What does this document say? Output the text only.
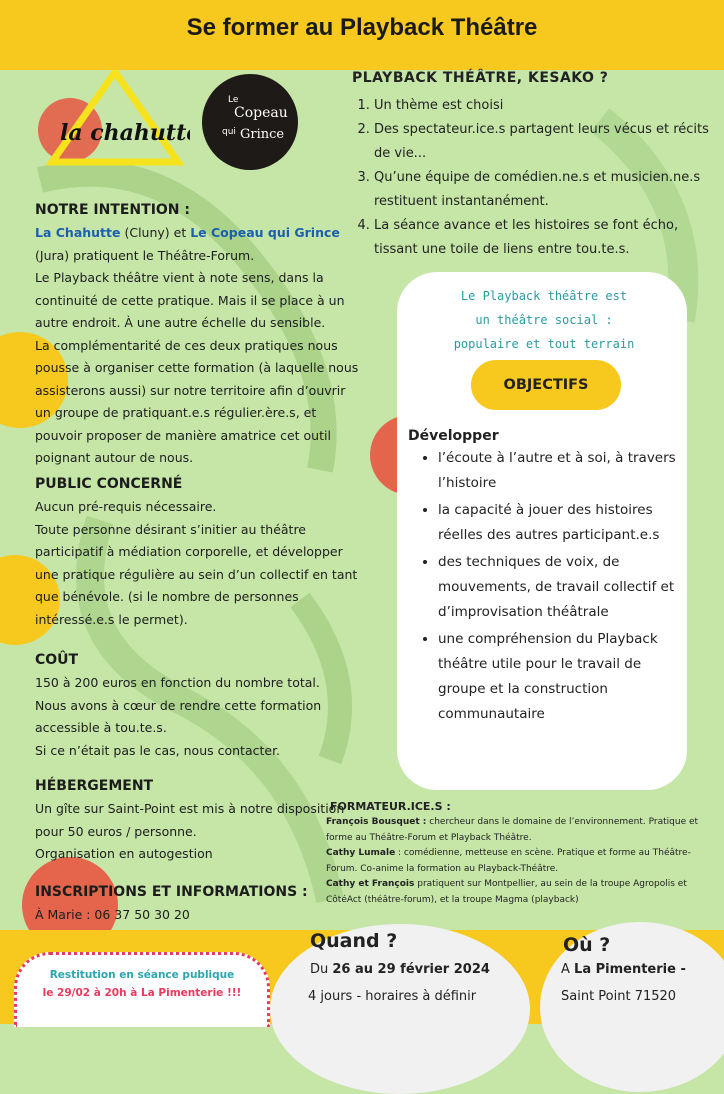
Se former au Playback Théâtre
la chahutte
Le
Copeau
qui Grince
PLAYBACK THÉÂTRE, KESAKO ?
1. Un thème est choisi
2. Des spectateur.ice.s partagent leurs vécus et récits de vie...
3. Qu’une équipe de comédien.ne.s et musicien.ne.s restituent instantanément.
4. La séance avance et les histoires se font écho, tissant une toile de liens entre tou.te.s.
NOTRE INTENTION :
La Chahutte (Cluny) et Le Copeau qui Grince (Jura) pratiquent le Théâtre-Forum.
Le Playback théâtre vient à note sens, dans la continuité de cette pratique. Mais il se place à un autre endroit. À une autre échelle du sensible.
La complémentarité de ces deux pratiques nous pousse à organiser cette formation (à laquelle nous assisterons aussi) sur notre territoire afin d’ouvrir un groupe de pratiquant.e.s régulier.ère.s, et pouvoir proposer de manière amatrice cet outil poignant autour de nous.
PUBLIC CONCERNÉ
Aucun pré-requis nécessaire.
Toute personne désirant s’initier au théâtre participatif à médiation corporelle, et développer une pratique régulière au sein d’un collectif en tant que bénévole. (si le nombre de personnes intéressé.e.s le permet).
COÛT
150 à 200 euros en fonction du nombre total.
Nous avons à cœur de rendre cette formation accessible à tou.te.s.
Si ce n’était pas le cas, nous contacter.
HÉBERGEMENT
Un gîte sur Saint-Point est mis à notre disposition pour 50 euros / personne.
Organisation en autogestion
INSCRIPTIONS ET INFORMATIONS :
À Marie : 06 37 50 30 20

Le Playback théâtre est
un théâtre social :
populaire et tout terrain
OBJECTIFS
Développer
• l’écoute à l’autre et à soi, à travers l’histoire
• la capacité à jouer des histoires réelles des autres participant.e.s
• des techniques de voix, de mouvements, de travail collectif et d’improvisation théâtrale
• une compréhension du Playback théâtre utile pour le travail de groupe et la construction communautaire
FORMATEUR.ICE.S :

François Bousquet : chercheur dans le domaine de l’environnement. Pratique et forme au Théâtre-Forum et Playback Théâtre.

Cathy Lumale : comédienne, metteuse en scène. Pratique et forme au Théâtre-Forum. Co-anime la formation au Playback-Théâtre.

Cathy et François pratiquent sur Montpellier, au sein de la troupe Agropolis et CôtéAct (théâtre-forum), et la troupe Magma (playback)

Quand ?
Du 26 au 29 février 2024
4 jours - horaires à définir
Où ?
A La Pimenterie -
Saint Point 71520
Restitution en séance publique
le 29/02 à 20h à La Pimenterie !!!
